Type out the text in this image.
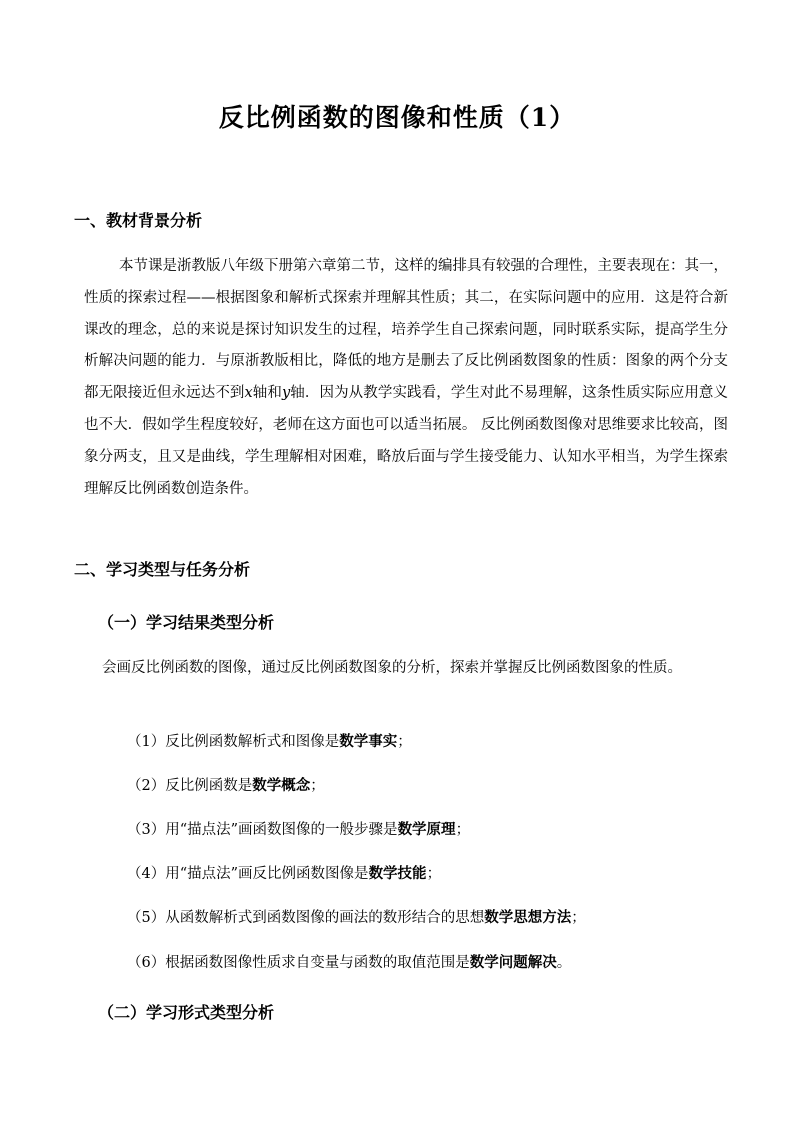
反比例函数的图像和性质（1）
一、教材背景分析
本节课是浙教版八年级下册第六章第二节，这样的编排具有较强的合理性，主要表现在：其一，性质的探索过程——根据图象和解析式探索并理解其性质；其二，在实际问题中的应用．这是符合新课改的理念，总的来说是探讨知识发生的过程，培养学生自己探索问题，同时联系实际，提高学生分析解决问题的能力．与原浙教版相比，降低的地方是删去了反比例函数图象的性质：图象的两个分支都无限接近但永远达不到x轴和y轴．因为从教学实践看，学生对此不易理解，这条性质实际应用意义也不大．假如学生程度较好，老师在这方面也可以适当拓展。 反比例函数图像对思维要求比较高，图象分两支，且又是曲线，学生理解相对困难，略放后面与学生接受能力、认知水平相当，为学生探索理解反比例函数创造条件。
二、学习类型与任务分析
（一）学习结果类型分析
会画反比例函数的图像，通过反比例函数图象的分析，探索并掌握反比例函数图象的性质。
（1）反比例函数解析式和图像是数学事实；
（2）反比例函数是数学概念；
（3）用“描点法”画函数图像的一般步骤是数学原理；
（4）用“描点法”画反比例函数图像是数学技能；
（5）从函数解析式到函数图像的画法的数形结合的思想数学思想方法；
（6）根据函数图像性质求自变量与函数的取值范围是数学问题解决。
（二）学习形式类型分析
